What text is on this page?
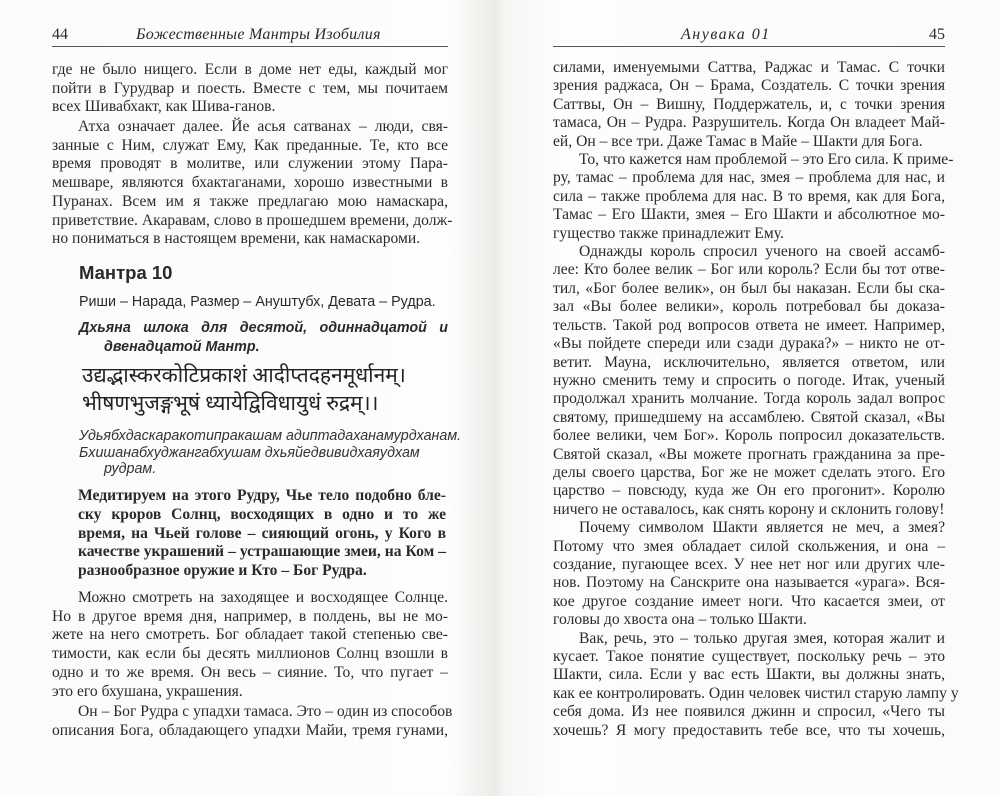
44	Божественные Мантры Изобилия
где не было нищего. Если в доме нет еды, каждый мог
пойти в Гурудвар и поесть. Вместе с тем, мы почитаем
всех Шивабхакт, как Шива-ганов.
Атха означает далее. Йе асья сатванах – люди, свя-
занные с Ним, служат Ему, Как преданные. Те, кто все
время проводят в молитве, или служении этому Пара-
мешваре, являются бхактаганами, хорошо известными в
Пуранах. Всем им я также предлагаю мою намаскара,
приветствие. Акаравам, слово в прошедшем времени, долж-
но пониматься в настоящем времени, как намаскароми.
Мантра 10
Риши – Нарада, Размер – Ануштубх, Девата – Рудра.
Дхьяна шлока для десятой, одиннадцатой и
двенадцатой Мантр.
उद्यद्भास्करकोटिप्रकाशं आदीप्तदहनमूर्धानम्।
भीषणभुजङ्गभूषं ध्यायेद्विविधायुधं रुद्रम्।।
Удьябхдаскаракотипракашам адиптадаханамурдханам.
Бхишанабхуджангабхушам дхьяйедвивидхаяудхам
рудрам.
Медитируем на этого Рудру, Чье тело подобно бле-
ску кроров Солнц, восходящих в одно и то же
время, на Чьей голове – сияющий огонь, у Кого в
качестве украшений – устрашающие змеи, на Ком –
разнообразное оружие и Кто – Бог Рудра.
Можно смотреть на заходящее и восходящее Солнце.
Но в другое время дня, например, в полдень, вы не мо-
жете на него смотреть. Бог обладает такой степенью све-
тимости, как если бы десять миллионов Солнц взошли в
одно и то же время. Он весь – сияние. То, что пугает –
это его бхушана, украшения.
Он – Бог Рудра с упадхи тамаса. Это – один из способов
описания Бога, обладающего упадхи Майи, тремя гунами,
Анувака 01	45
силами, именуемыми Саттва, Раджас и Тамас. С точки
зрения раджаса, Он – Брама, Создатель. С точки зрения
Саттвы, Он – Вишну, Поддержатель, и, с точки зрения
тамаса, Он – Рудра. Разрушитель. Когда Он владеет Май-
ей, Он – все три. Даже Тамас в Майе – Шакти для Бога.
То, что кажется нам проблемой – это Его сила. К приме-
ру, тамас – проблема для нас, змея – проблема для нас, и
сила – также проблема для нас. В то время, как для Бога,
Тамас – Его Шакти, змея – Его Шакти и абсолютное мо-
гущество также принадлежит Ему.
Однажды король спросил ученого на своей ассамб-
лее: Кто более велик – Бог или король? Если бы тот отве-
тил, «Бог более велик», он был бы наказан. Если бы ска-
зал «Вы более велики», король потребовал бы доказа-
тельств. Такой род вопросов ответа не имеет. Например,
«Вы пойдете спереди или сзади дурака?» – никто не от-
ветит. Мауна, исключительно, является ответом, или
нужно сменить тему и спросить о погоде. Итак, ученый
продолжал хранить молчание. Тогда король задал вопрос
святому, пришедшему на ассамблею. Святой сказал, «Вы
более велики, чем Бог». Король попросил доказательств.
Святой сказал, «Вы можете прогнать гражданина за пре-
делы своего царства, Бог же не может сделать этого. Его
царство – повсюду, куда же Он его прогонит». Королю
ничего не оставалось, как снять корону и склонить голову!
Почему символом Шакти является не меч, а змея?
Потому что змея обладает силой скольжения, и она –
создание, пугающее всех. У нее нет ног или других чле-
нов. Поэтому на Санскрите она называется «урага». Вся-
кое другое создание имеет ноги. Что касается змеи, от
головы до хвоста она – только Шакти.
Вак, речь, это – только другая змея, которая жалит и
кусает. Такое понятие существует, поскольку речь – это
Шакти, сила. Если у вас есть Шакти, вы должны знать,
как ее контролировать. Один человек чистил старую лампу у
себя дома. Из нее появился джинн и спросил, «Чего ты
хочешь? Я могу предоставить тебе все, что ты хочешь,
